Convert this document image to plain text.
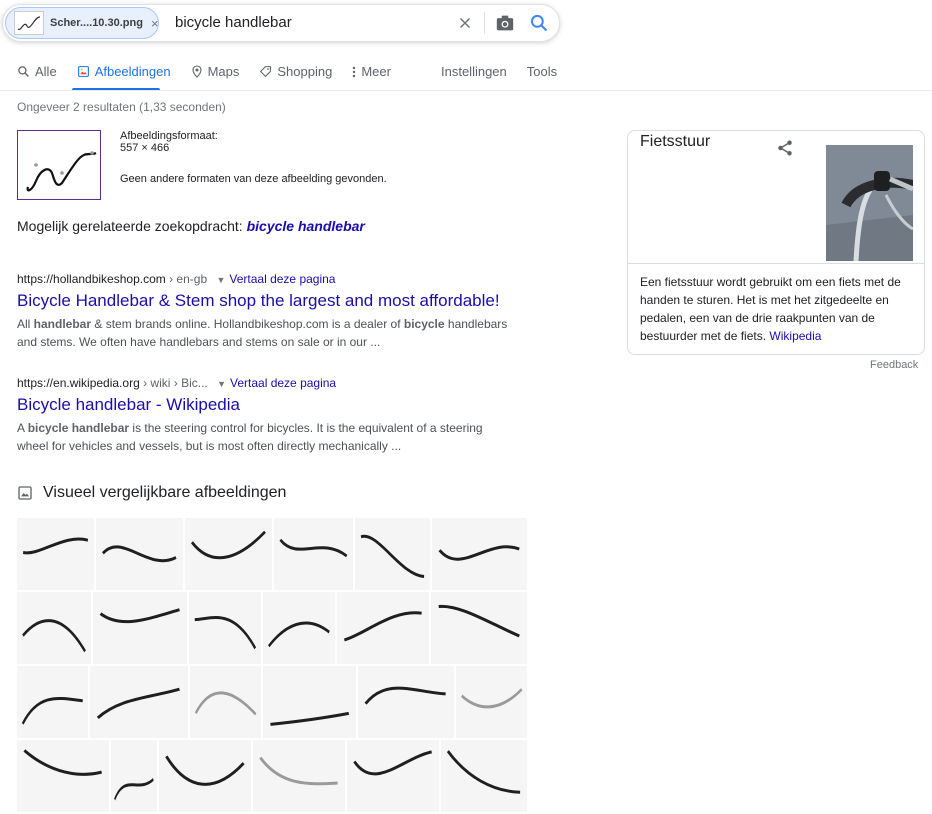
Scher....10.30.png × bicycle handlebar
Alle	Afbeeldingen	Maps	Shopping Meer	Instellingen Tools
Ongeveer 2 resultaten (1,33 seconden)
Afbeeldingsformaat:
557 × 466
Geen andere formaten van deze afbeelding gevonden.
Mogelijk gerelateerde zoekopdracht: bicycle handlebar
https://hollandbikeshop.com › en-gb ▼ Vertaal deze pagina
Bicycle Handlebar & Stem shop the largest and most affordable!
All handlebar & stem brands online. Hollandbikeshop.com is a dealer of bicycle handlebars and stems. We often have handlebars and stems on sale or in our ...
https://en.wikipedia.org › wiki › Bic... ▼ Vertaal deze pagina
Bicycle handlebar - Wikipedia
A bicycle handlebar is the steering control for bicycles. It is the equivalent of a steering wheel for vehicles and vessels, but is most often directly mechanically ...
Visueel vergelijkbare afbeeldingen
Fietsstuur
Een fietsstuur wordt gebruikt om een fiets met de handen te sturen. Het is met het zitgedeelte en pedalen, een van de drie raakpunten van de bestuurder met de fiets. Wikipedia
Feedback
